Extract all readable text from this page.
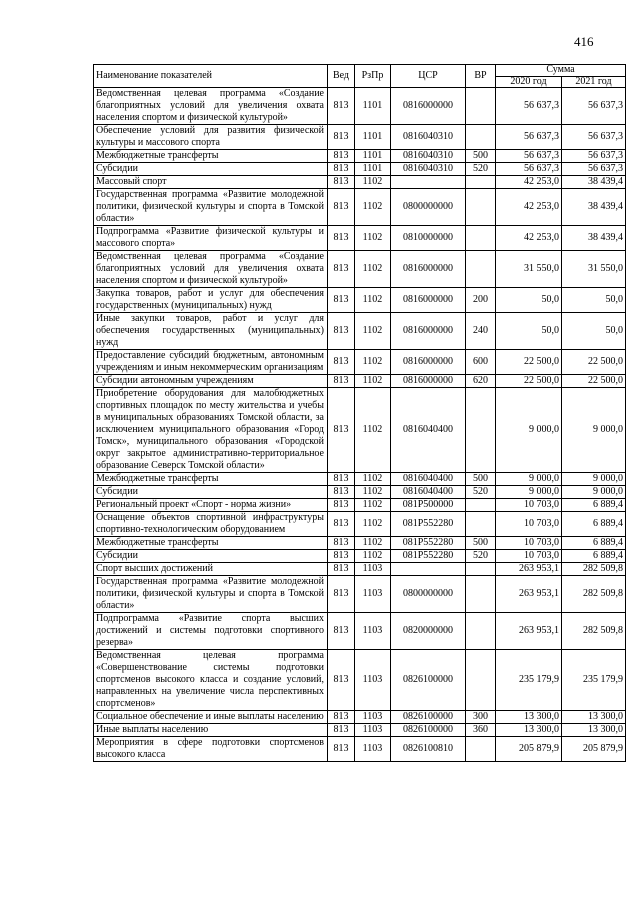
416
Наименование показателей	Вед	РзПр	ЦСР	ВР	Сумма	
					2020 год	2021 год
Ведомственная целевая программа «Создание благоприятных условий для увеличения охвата населения спортом и физической культурой»	813	1101	0816000000		56 637,3	56 637,3
Обеспечение условий для развития физической культуры и массового спорта	813	1101	0816040310		56 637,3	56 637,3
Межбюджетные трансферты	813	1101	0816040310	500	56 637,3	56 637,3
Субсидии	813	1101	0816040310	520	56 637,3	56 637,3
Массовый спорт	813	1102			42 253,0	38 439,4
Государственная программа «Развитие молодежной политики, физической культуры и спорта в Томской области»	813	1102	0800000000		42 253,0	38 439,4
Подпрограмма «Развитие физической культуры и массового спорта»	813	1102	0810000000		42 253,0	38 439,4
Ведомственная целевая программа «Создание благоприятных условий для увеличения охвата населения спортом и физической культурой»	813	1102	0816000000		31 550,0	31 550,0
Закупка товаров, работ и услуг для обеспечения государственных (муниципальных) нужд	813	1102	0816000000	200	50,0	50,0
Иные закупки товаров, работ и услуг для обеспечения государственных (муниципальных) нужд	813	1102	0816000000	240	50,0	50,0
Предоставление субсидий бюджетным, автономным учреждениям и иным некоммерческим организациям	813	1102	0816000000	600	22 500,0	22 500,0
Субсидии автономным учреждениям	813	1102	0816000000	620	22 500,0	22 500,0
Приобретение оборудования для малобюджетных спортивных площадок по месту жительства и учебы в муниципальных образованиях Томской области, за исключением муниципального образования «Город Томск», муниципального образования «Городской округ закрытое административно-территориальное образование Северск Томской области»	813	1102	0816040400		9 000,0	9 000,0
Межбюджетные трансферты	813	1102	0816040400	500	9 000,0	9 000,0
Субсидии	813	1102	0816040400	520	9 000,0	9 000,0
Региональный проект «Спорт - норма жизни»	813	1102	081P500000		10 703,0	6 889,4
Оснащение объектов спортивной инфраструктуры спортивно-технологическим оборудованием	813	1102	081P552280		10 703,0	6 889,4
Межбюджетные трансферты	813	1102	081P552280	500	10 703,0	6 889,4
Субсидии	813	1102	081P552280	520	10 703,0	6 889,4
Спорт высших достижений	813	1103			263 953,1	282 509,8
Государственная программа «Развитие молодежной политики, физической культуры и спорта в Томской области»	813	1103	0800000000		263 953,1	282 509,8
Подпрограмма «Развитие спорта высших достижений и системы подготовки спортивного резерва»	813	1103	0820000000		263 953,1	282 509,8
Ведомственная целевая программа «Совершенствование системы подготовки спортсменов высокого класса и создание условий, направленных на увеличение числа перспективных спортсменов»	813	1103	0826100000		235 179,9	235 179,9
Социальное обеспечение и иные выплаты населению	813	1103	0826100000	300	13 300,0	13 300,0
Иные выплаты населению	813	1103	0826100000	360	13 300,0	13 300,0
Мероприятия в сфере подготовки спортсменов высокого класса	813	1103	0826100810		205 879,9	205 879,9
